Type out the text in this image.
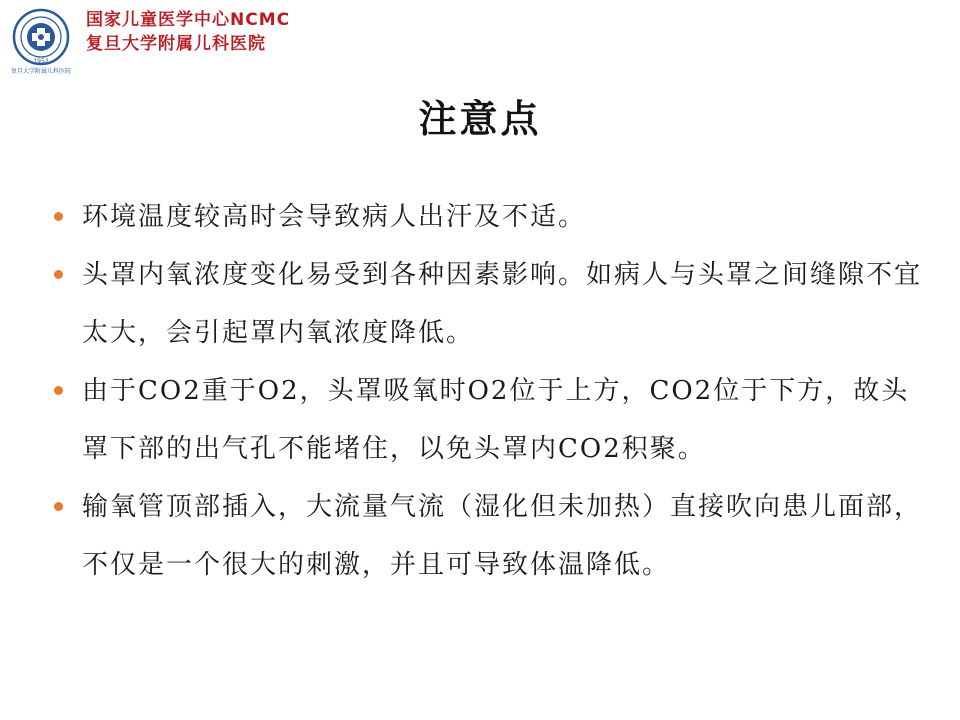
1952
复旦大学附属儿科医院
国家儿童医学中心NCMC
复旦大学附属儿科医院
注意点
环境温度较高时会导致病人出汗及不适。
头罩内氧浓度变化易受到各种因素影响。如病人与头罩之间缝隙不宜太大，会引起罩内氧浓度降低。
由于CO2重于O2，头罩吸氧时O2位于上方，CO2位于下方，故头罩下部的出气孔不能堵住，以免头罩内CO2积聚。
输氧管顶部插入，大流量气流（湿化但未加热）直接吹向患儿面部，不仅是一个很大的刺激，并且可导致体温降低。
